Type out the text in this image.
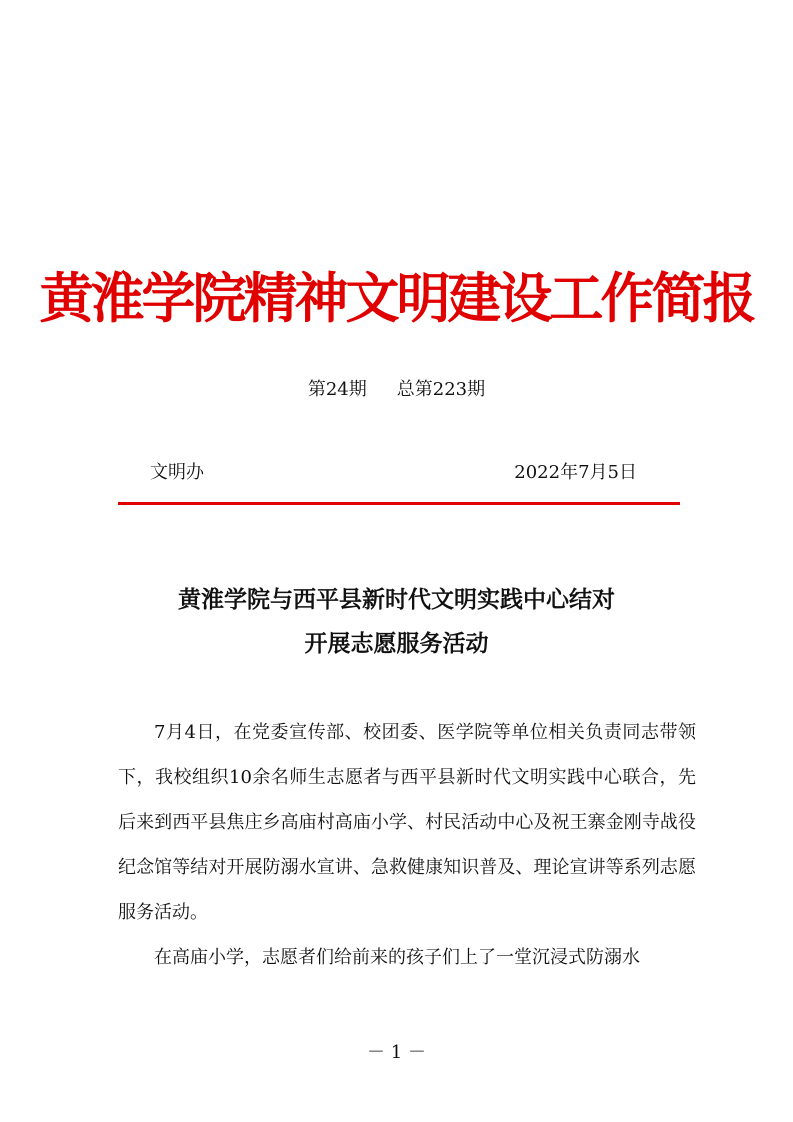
黄淮学院精神文明建设工作简报
第24期 总第223期
文明办	2022年7月5日
黄淮学院与西平县新时代文明实践中心结对
开展志愿服务活动

7月4日，在党委宣传部、校团委、医学院等单位相关负责同志带领下，我校组织10余名师生志愿者与西平县新时代文明实践中心联合，先后来到西平县焦庄乡高庙村高庙小学、村民活动中心及祝王寨金刚寺战役纪念馆等结对开展防溺水宣讲、急救健康知识普及、理论宣讲等系列志愿服务活动。

在高庙小学，志愿者们给前来的孩子们上了一堂沉浸式防溺水

－ 1 －
